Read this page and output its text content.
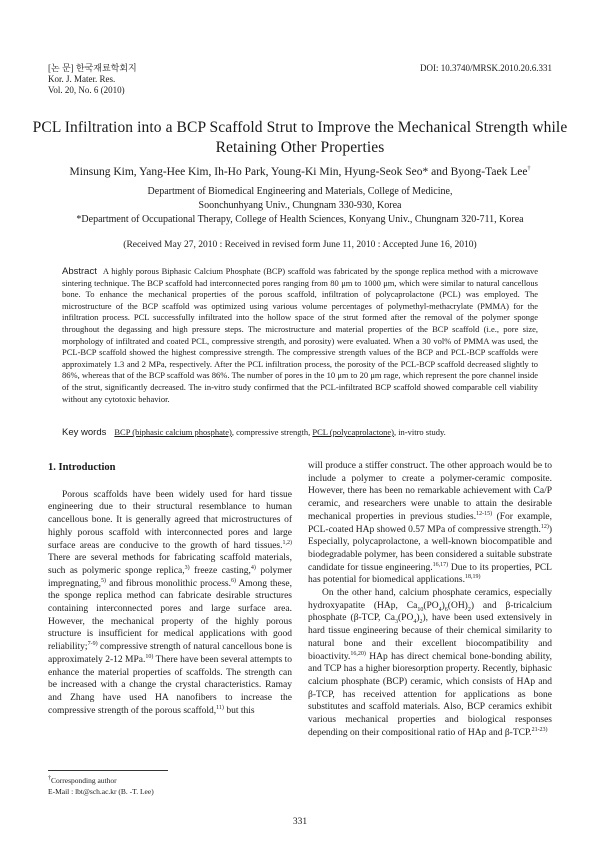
[논 문] 한국재료학회지
Kor. J. Mater. Res.
Vol. 20, No. 6 (2010)
DOI: 10.3740/MRSK.2010.20.6.331
PCL Infiltration into a BCP Scaffold Strut to Improve the Mechanical Strength while Retaining Other Properties
Minsung Kim, Yang-Hee Kim, Ih-Ho Park, Young-Ki Min, Hyung-Seok Seo* and Byong-Taek Lee†
Department of Biomedical Engineering and Materials, College of Medicine,
Soonchunhyang Univ., Chungnam 330-930, Korea
*Department of Occupational Therapy, College of Health Sciences, Konyang Univ., Chungnam 320-711, Korea
(Received May 27, 2010 : Received in revised form June 11, 2010 : Accepted June 16, 2010)
Abstract A highly porous Biphasic Calcium Phosphate (BCP) scaffold was fabricated by the sponge replica method with a microwave sintering technique. The BCP scaffold had interconnected pores ranging from 80 μm to 1000 μm, which were similar to natural cancellous bone. To enhance the mechanical properties of the porous scaffold, infiltration of polycaprolactone (PCL) was employed. The microstructure of the BCP scaffold was optimized using various volume percentages of polymethyl-methacrylate (PMMA) for the infiltration process. PCL successfully infiltrated into the hollow space of the strut formed after the removal of the polymer sponge throughout the degassing and high pressure steps. The microstructure and material properties of the BCP scaffold (i.e., pore size, morphology of infiltrated and coated PCL, compressive strength, and porosity) were evaluated. When a 30 vol% of PMMA was used, the PCL-BCP scaffold showed the highest compressive strength. The compressive strength values of the BCP and PCL-BCP scaffolds were approximately 1.3 and 2 MPa, respectively. After the PCL infiltration process, the porosity of the PCL-BCP scaffold decreased slightly to 86%, whereas that of the BCP scaffold was 86%. The number of pores in the 10 μm to 20 μm rage, which represent the pore channel inside of the strut, significantly decreased. The in-vitro study confirmed that the PCL-infiltrated BCP scaffold showed comparable cell viability without any cytotoxic behavior.
Key words BCP (biphasic calcium phosphate), compressive strength, PCL (polycaprolactone), in-vitro study.
1. Introduction

Porous scaffolds have been widely used for hard tissue engineering due to their structural resemblance to human cancellous bone. It is generally agreed that microstructures of highly porous scaffold with interconnected pores and large surface areas are conducive to the growth of hard tissues.$^{1,2)}$ There are several methods for fabricating scaffold materials, such as polymeric sponge replica,$^{3)}$ freeze casting,$^{4)}$ polymer impregnating,$^{5)}$ and fibrous monolithic process.$^{6)}$ Among these, the sponge replica method can fabricate desirable structures containing interconnected pores and large surface area. However, the mechanical property of the highly porous structure is insufficient for medical applications with good reliability;$^{7-9)}$ compressive strength of natural cancellous bone is approximately 2-12 MPa.$^{10)}$ There have been several attempts to enhance the material properties of scaffolds. The strength can be increased with a change the crystal characteristics. Ramay and Zhang have used HA nanofibers to increase the compressive strength of the porous scaffold,$^{11)}$ but this

will produce a stiffer construct. The other approach would be to include a polymer to create a polymer-ceramic composite. However, there has been no remarkable achievement with Ca/P ceramic, and researchers were unable to attain the desirable mechanical properties in previous studies.$^{12-15)}$ (For example, PCL-coated HAp showed 0.57 MPa of compressive strength.$^{12)}$) Especially, polycaprolactone, a well-known biocompatible and biodegradable polymer, has been considered a suitable substrate candidate for tissue engineering.$^{16,17)}$ Due to its properties, PCL has potential for biomedical applications.$^{18,19)}$

On the other hand, calcium phosphate ceramics, especially hydroxyapatite (HAp, $Ca_{10}(PO_4)_6(OH)_2$) and β-tricalcium phosphate (β-TCP, $Ca_3(PO_4)_2$), have been used extensively in hard tissue engineering because of their chemical similarity to natural bone and their excellent biocompatibility and bioactivity.$^{16,20)}$ HAp has direct chemical bone-bonding ability, and TCP has a higher bioresorption property. Recently, biphasic calcium phosphate (BCP) ceramic, which consists of HAp and β-TCP, has received attention for applications as bone substitutes and scaffold materials. Also, BCP ceramics exhibit various mechanical properties and biological responses depending on their compositional ratio of HAp and β-TCP.$^{21-23)}$

†Corresponding author
E-Mail : lbt@sch.ac.kr (B. -T. Lee)
331
